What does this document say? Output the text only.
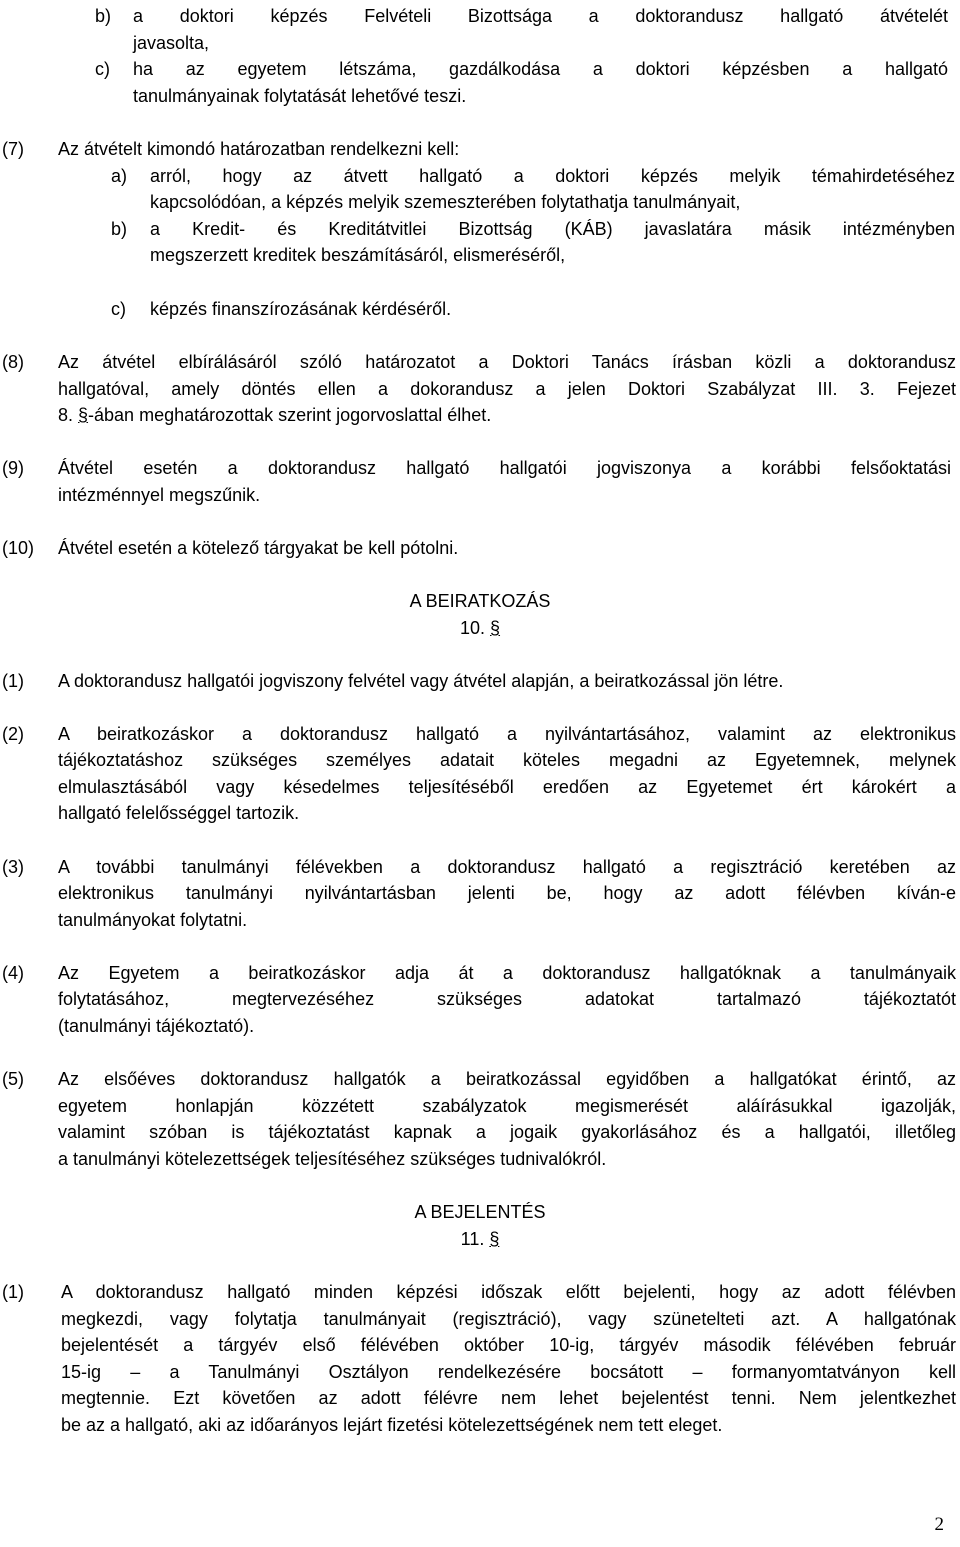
b) a doktori képzés Felvételi Bizottsága a doktorandusz hallgató átvételét
javasolta,
c) ha az egyetem létszáma, gazdálkodása a doktori képzésben a hallgató
tanulmányainak folytatását lehetővé teszi.
(7) Az átvételt kimondó határozatban rendelkezni kell:
a) arról, hogy az átvett hallgató a doktori képzés melyik témahirdetéséhez
kapcsolódóan, a képzés melyik szemeszterében folytathatja tanulmányait,
b) a Kredit- és Kreditátvitlei Bizottság (KÁB) javaslatára másik intézményben
megszerzett kreditek beszámításáról, elismeréséről,
c) képzés finanszírozásának kérdéséről.
(8) Az átvétel elbírálásáról szóló határozatot a Doktori Tanács írásban közli a doktorandusz
hallgatóval, amely döntés ellen a dokorandusz a jelen Doktori Szabályzat III. 3. Fejezet
8. §-ában meghatározottak szerint jogorvoslattal élhet.
(9) Átvétel esetén a doktorandusz hallgató hallgatói jogviszonya a korábbi felsőoktatási
intézménnyel megszűnik.
(10) Átvétel esetén a kötelező tárgyakat be kell pótolni.
A BEIRATKOZÁS
10. §
(1) A doktorandusz hallgatói jogviszony felvétel vagy átvétel alapján, a beiratkozással jön létre.
(2) A beiratkozáskor a doktorandusz hallgató a nyilvántartásához, valamint az elektronikus
tájékoztatáshoz szükséges személyes adatait köteles megadni az Egyetemnek, melynek
elmulasztásából vagy késedelmes teljesítéséből eredően az Egyetemet ért károkért a
hallgató felelősséggel tartozik.
(3) A további tanulmányi félévekben a doktorandusz hallgató a regisztráció keretében az
elektronikus tanulmányi nyilvántartásban jelenti be, hogy az adott félévben kíván-e
tanulmányokat folytatni.
(4) Az Egyetem a beiratkozáskor adja át a doktorandusz hallgatóknak a tanulmányaik
folytatásához, megtervezéséhez szükséges adatokat tartalmazó tájékoztatót
(tanulmányi tájékoztató).
(5) Az elsőéves doktorandusz hallgatók a beiratkozással egyidőben a hallgatókat érintő, az
egyetem honlapján közzétett szabályzatok megismerését aláírásukkal igazolják,
valamint szóban is tájékoztatást kapnak a jogaik gyakorlásához és a hallgatói, illetőleg
a tanulmányi kötelezettségek teljesítéséhez szükséges tudnivalókról.
A BEJELENTÉS
11. §
(1) A doktorandusz hallgató minden képzési időszak előtt bejelenti, hogy az adott félévben
megkezdi, vagy folytatja tanulmányait (regisztráció), vagy szünetelteti azt. A hallgatónak
bejelentését a tárgyév első félévében október 10-ig, tárgyév második félévében február
15-ig – a Tanulmányi Osztályon rendelkezésére bocsátott – formanyomtatványon kell
megtennie. Ezt követően az adott félévre nem lehet bejelentést tenni. Nem jelentkezhet
be az a hallgató, aki az időarányos lejárt fizetési kötelezettségének nem tett eleget.
2
